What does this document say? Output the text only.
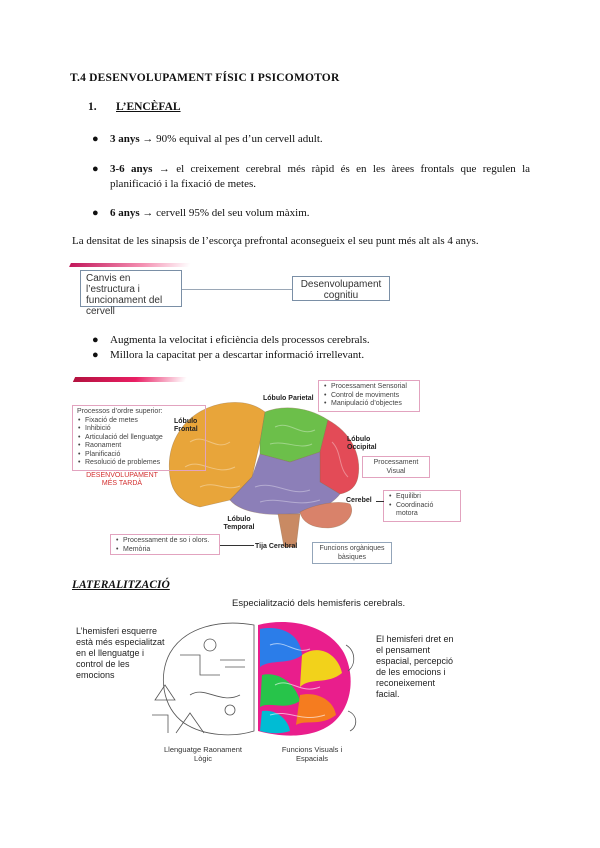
T.4 DESENVOLUPAMENT FÍSIC I PSICOMOTOR
1. L’ENCÈFAL
● 3 anys → 90% equival al pes d’un cervell adult.
● 3-6 anys → el creixement cerebral més ràpid és en les àrees frontals que regulen la planificació i la fixació de metes.
● 6 anys → cervell 95% del seu volum màxim.
La densitat de les sinapsis de l’escorça prefrontal aconsegueix el seu punt més alt als 4 anys.
Canvis en l’estructura i funcionament del cervell
Desenvolupament cognitiu
● Augmenta la velocitat i eficiència dels processos cerebrals.
● Millora la capacitat per a descartar informació irrellevant.
Processos d’ordre superior:
• Fixació de metes
• Inhibició
• Articulació del llenguatge
• Raonament
• Planificació
• Resolució de problemes
DESENVOLUPAMENT MÉS TARDÀ
• Processament Sensorial
• Control de moviments
• Manipulació d’objectes
Processament Visual
• Equilibri
• Coordinació motora
• Processament de so i olors.
• Memòria	Funcions orgàniques bàsiques
Lóbulo Parietal
Lóbulo Frontal
Lóbulo Occipital
Cerebel
Lóbulo Temporal
Tija Cerebral
LATERALITZACIÓ
Especialització dels hemisferis cerebrals.
L’hemisferi esquerre està més especialitzat en el llenguatge i control de les emocions
El hemisferi dret en el pensament espacial, percepció de les emocions i reconeixement facial.
Llenguatge Raonament Lògic
Funcions Visuals i Espacials
